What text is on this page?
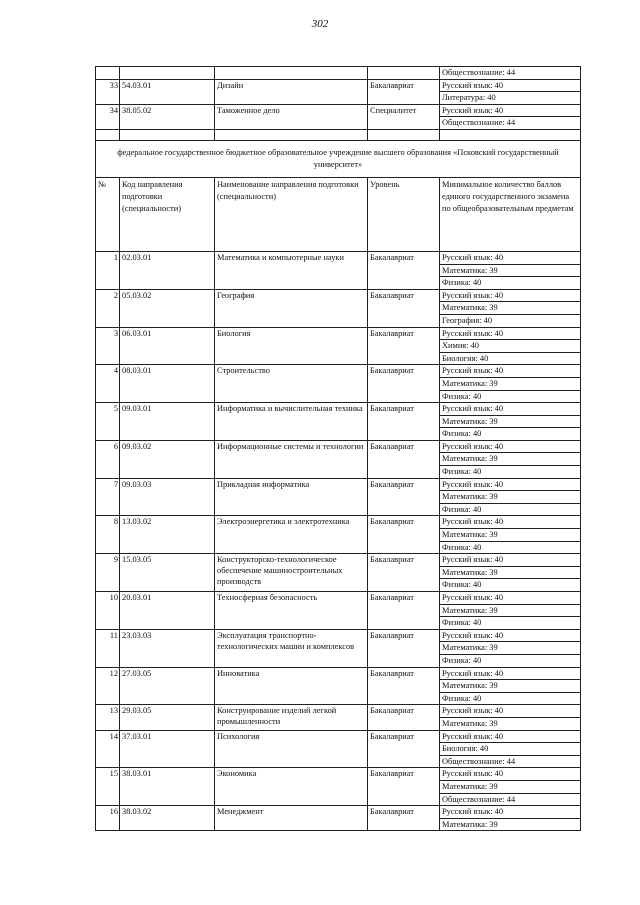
302
				Обществознание: 44
33	54.03.01	Дизайн	Бакалавриат	Русский язык: 40
				Литература: 40
34	38.05.02	Таможенное дело	Специалитет	Русский язык: 40
				Обществознание: 44

федеральное государственное бюджетное образовательное учреждение высшего образования «Псковский государственный университет»				
№	Код направления подготовки (специальности)	Наименование направления подготовки (специальности)	Уровень	Минимальное количество баллов единого государственного экзамена по общеобразовательным предметам
1	02.03.01	Математика и компьютерные науки	Бакалавриат	Русский язык: 40
				Математика: 39
				Физика: 40
2	05.03.02	География	Бакалавриат	Русский язык: 40
				Математика: 39
				География: 40
3	06.03.01	Биология	Бакалавриат	Русский язык: 40
				Химия: 40
				Биология: 40
4	08.03.01	Строительство	Бакалавриат	Русский язык: 40
				Математика: 39
				Физика: 40
5	09.03.01	Информатика и вычислительная техника	Бакалавриат	Русский язык: 40
				Математика: 39
				Физика: 40
6	09.03.02	Информационные системы и технологии	Бакалавриат	Русский язык: 40
				Математика: 39
				Физика: 40
7	09.03.03	Прикладная информатика	Бакалавриат	Русский язык: 40
				Математика: 39
				Физика: 40
8	13.03.02	Электроэнергетика и электротехника	Бакалавриат	Русский язык: 40
				Математика: 39
				Физика: 40
9	15.03.05	Конструкторско-технологическое обеспечение машиностроительных производств	Бакалавриат	Русский язык: 40
				Математика: 39
				Физика: 40
10	20.03.01	Техносферная безопасность	Бакалавриат	Русский язык: 40
				Математика: 39
				Физика: 40
11	23.03.03	Эксплуатация транспортно-технологических машин и комплексов	Бакалавриат	Русский язык: 40
				Математика: 39
				Физика: 40
12	27.03.05	Инноватика	Бакалавриат	Русский язык: 40
				Математика: 39
				Физика: 40
13	29.03.05	Конструирование изделий легкой промышленности	Бакалавриат	Русский язык: 40
				Математика: 39
14	37.03.01	Психология	Бакалавриат	Русский язык: 40
				Биология: 40
				Обществознание: 44
15	38.03.01	Экономика	Бакалавриат	Русский язык: 40
				Математика: 39
				Обществознание: 44
16	38.03.02	Менеджмент	Бакалавриат	Русский язык: 40
				Математика: 39
